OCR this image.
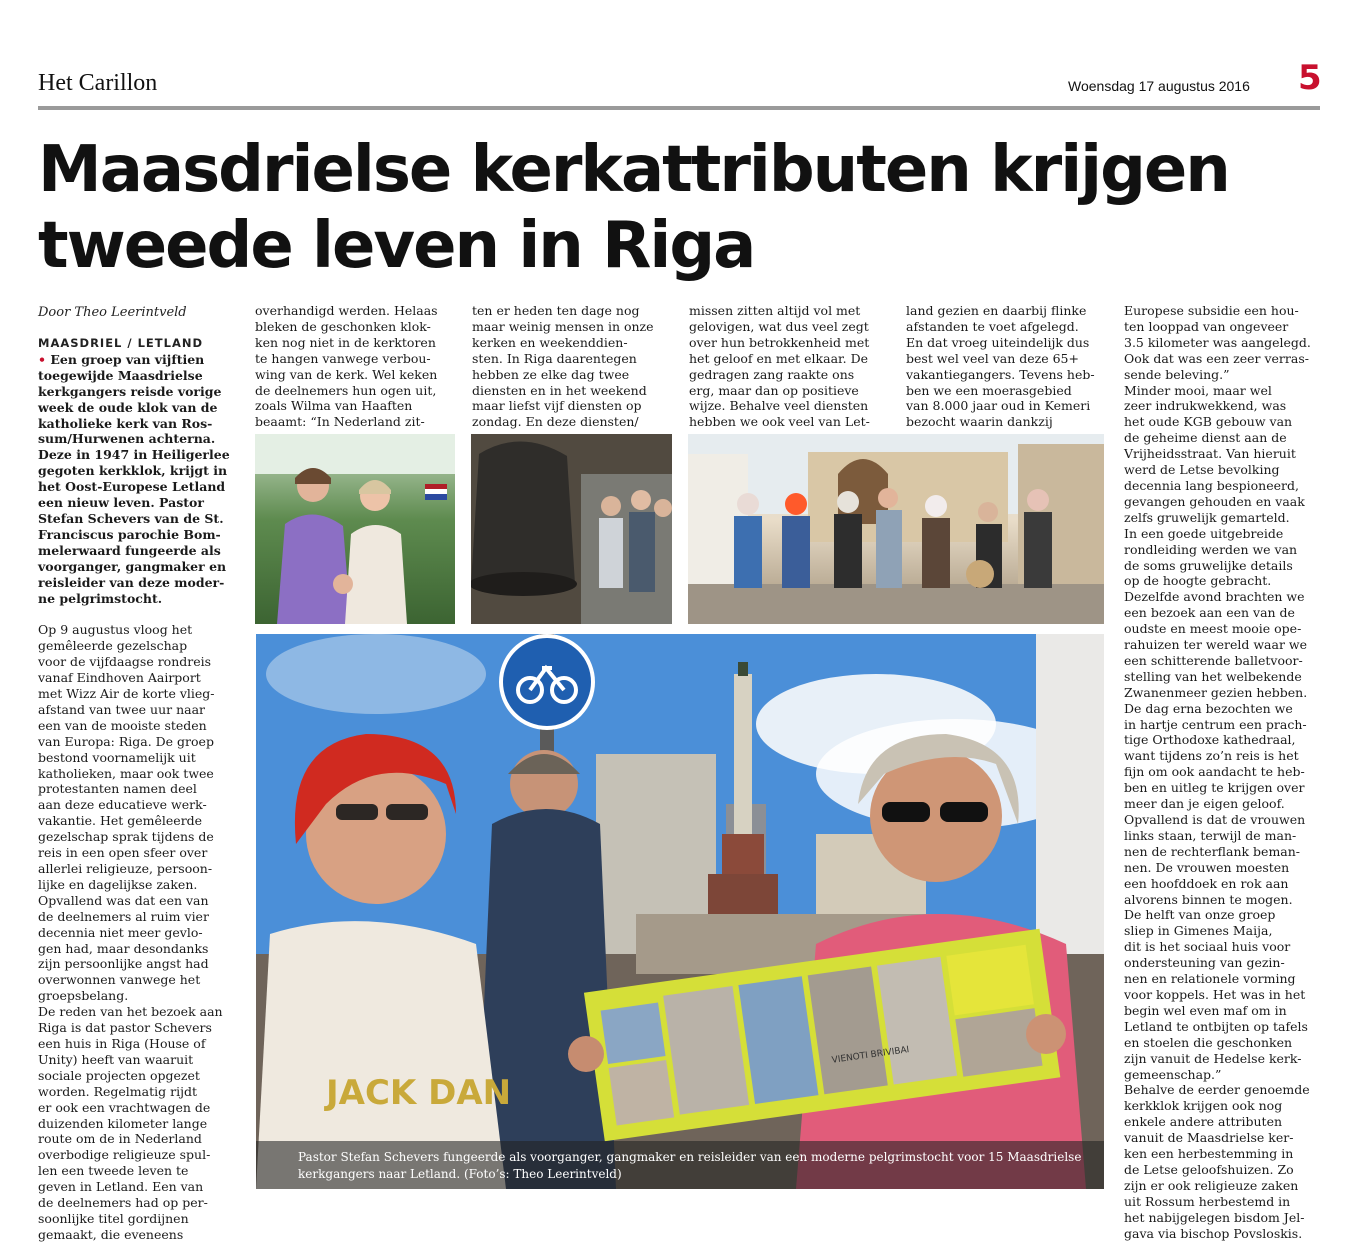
Het Carillon	Woensdag 17 augustus 2016 5
Maasdrielse kerkattributen krijgen
tweede leven in Riga
Door Theo Leerintveld

MAASDRIEL / LETLAND

• Een groep van vijftien
toegewijde Maasdrielse
kerkgangers reisde vorige
week de oude klok van de
katholieke kerk van Ros-
sum/Hurwenen achterna.
Deze in 1947 in Heiligerlee
gegoten kerkklok, krijgt in
het Oost-Europese Letland
een nieuw leven. Pastor
Stefan Schevers van de St.
Franciscus parochie Bom-
melerwaard fungeerde als
voorganger, gangmaker en
reisleider van deze moder-
ne pelgrimstocht.
Op 9 augustus vloog het
gemêleerde gezelschap
voor de vijfdaagse rondreis
vanaf Eindhoven Aairport
met Wizz Air de korte vlieg-
afstand van twee uur naar
een van de mooiste steden
van Europa: Riga. De groep
bestond voornamelijk uit
katholieken, maar ook twee
protestanten namen deel
aan deze educatieve werk-
vakantie. Het gemêleerde
gezelschap sprak tijdens de
reis in een open sfeer over
allerlei religieuze, persoon-
lijke en dagelijkse zaken.
Opvallend was dat een van
de deelnemers al ruim vier
decennia niet meer gevlo-
gen had, maar desondanks
zijn persoonlijke angst had
overwonnen vanwege het
groepsbelang.
De reden van het bezoek aan
Riga is dat pastor Schevers
een huis in Riga (House of
Unity) heeft van waaruit
sociale projecten opgezet
worden. Regelmatig rijdt
er ook een vrachtwagen de
duizenden kilometer lange
route om de in Nederland
overbodige religieuze spul-
len een tweede leven te
geven in Letland. Een van
de deelnemers had op per-
soonlijke titel gordijnen
gemaakt, die eveneens
overhandigd werden. Helaas
bleken de geschonken klok-
ken nog niet in de kerktoren
te hangen vanwege verbou-
wing van de kerk. Wel keken
de deelnemers hun ogen uit,
zoals Wilma van Haaften
beaamt: “In Nederland zit-
ten er heden ten dage nog
maar weinig mensen in onze
kerken en weekenddien-
sten. In Riga daarentegen
hebben ze elke dag twee
diensten en in het weekend
maar liefst vijf diensten op
zondag. En deze diensten/
missen zitten altijd vol met
gelovigen, wat dus veel zegt
over hun betrokkenheid met
het geloof en met elkaar. De
gedragen zang raakte ons
erg, maar dan op positieve
wijze. Behalve veel diensten
hebben we ook veel van Let-
land gezien en daarbij flinke
afstanden te voet afgelegd.
En dat vroeg uiteindelijk dus
best wel veel van deze 65+
vakantiegangers. Tevens heb-
ben we een moerasgebied
van 8.000 jaar oud in Kemeri
bezocht waarin dankzij
Europese subsidie een hou-
ten looppad van ongeveer
3.5 kilometer was aangelegd.
Ook dat was een zeer verras-
sende beleving.”
Minder mooi, maar wel
zeer indrukwekkend, was
het oude KGB gebouw van
de geheime dienst aan de
Vrijheidsstraat. Van hieruit
werd de Letse bevolking
decennia lang bespioneerd,
gevangen gehouden en vaak
zelfs gruwelijk gemarteld.
In een goede uitgebreide
rondleiding werden we van
de soms gruwelijke details
op de hoogte gebracht.
Dezelfde avond brachten we
een bezoek aan een van de
oudste en meest mooie ope-
rahuizen ter wereld waar we
een schitterende balletvoor-
stelling van het welbekende
Zwanenmeer gezien hebben.
De dag erna bezochten we
in hartje centrum een prach-
tige Orthodoxe kathedraal,
want tijdens zo’n reis is het
fijn om ook aandacht te heb-
ben en uitleg te krijgen over
meer dan je eigen geloof.
Opvallend is dat de vrouwen
links staan, terwijl de man-
nen de rechterflank beman-
nen. De vrouwen moesten
een hoofddoek en rok aan
alvorens binnen te mogen.
De helft van onze groep
sliep in Gimenes Maija,
dit is het sociaal huis voor
ondersteuning van gezin-
nen en relationele vorming
voor koppels. Het was in het
begin wel even maf om in
Letland te ontbijten op tafels
en stoelen die geschonken
zijn vanuit de Hedelse kerk-
gemeenschap.”
Behalve de eerder genoemde
kerkklok krijgen ook nog
enkele andere attributen
vanuit de Maasdrielse ker-
ken een herbestemming in
de Letse geloofshuizen. Zo
zijn er ook religieuze zaken
uit Rossum herbestemd in
het nabijgelegen bisdom Jel-
gava via bischop Povsloskis.
JACK DAN
VIENOTI BRIVIBAI
Pastor Stefan Schevers fungeerde als voorganger, gangmaker en reisleider van een moderne pelgrimstocht voor 15 Maasdrielse
kerkgangers naar Letland. (Foto’s: Theo Leerintveld)
